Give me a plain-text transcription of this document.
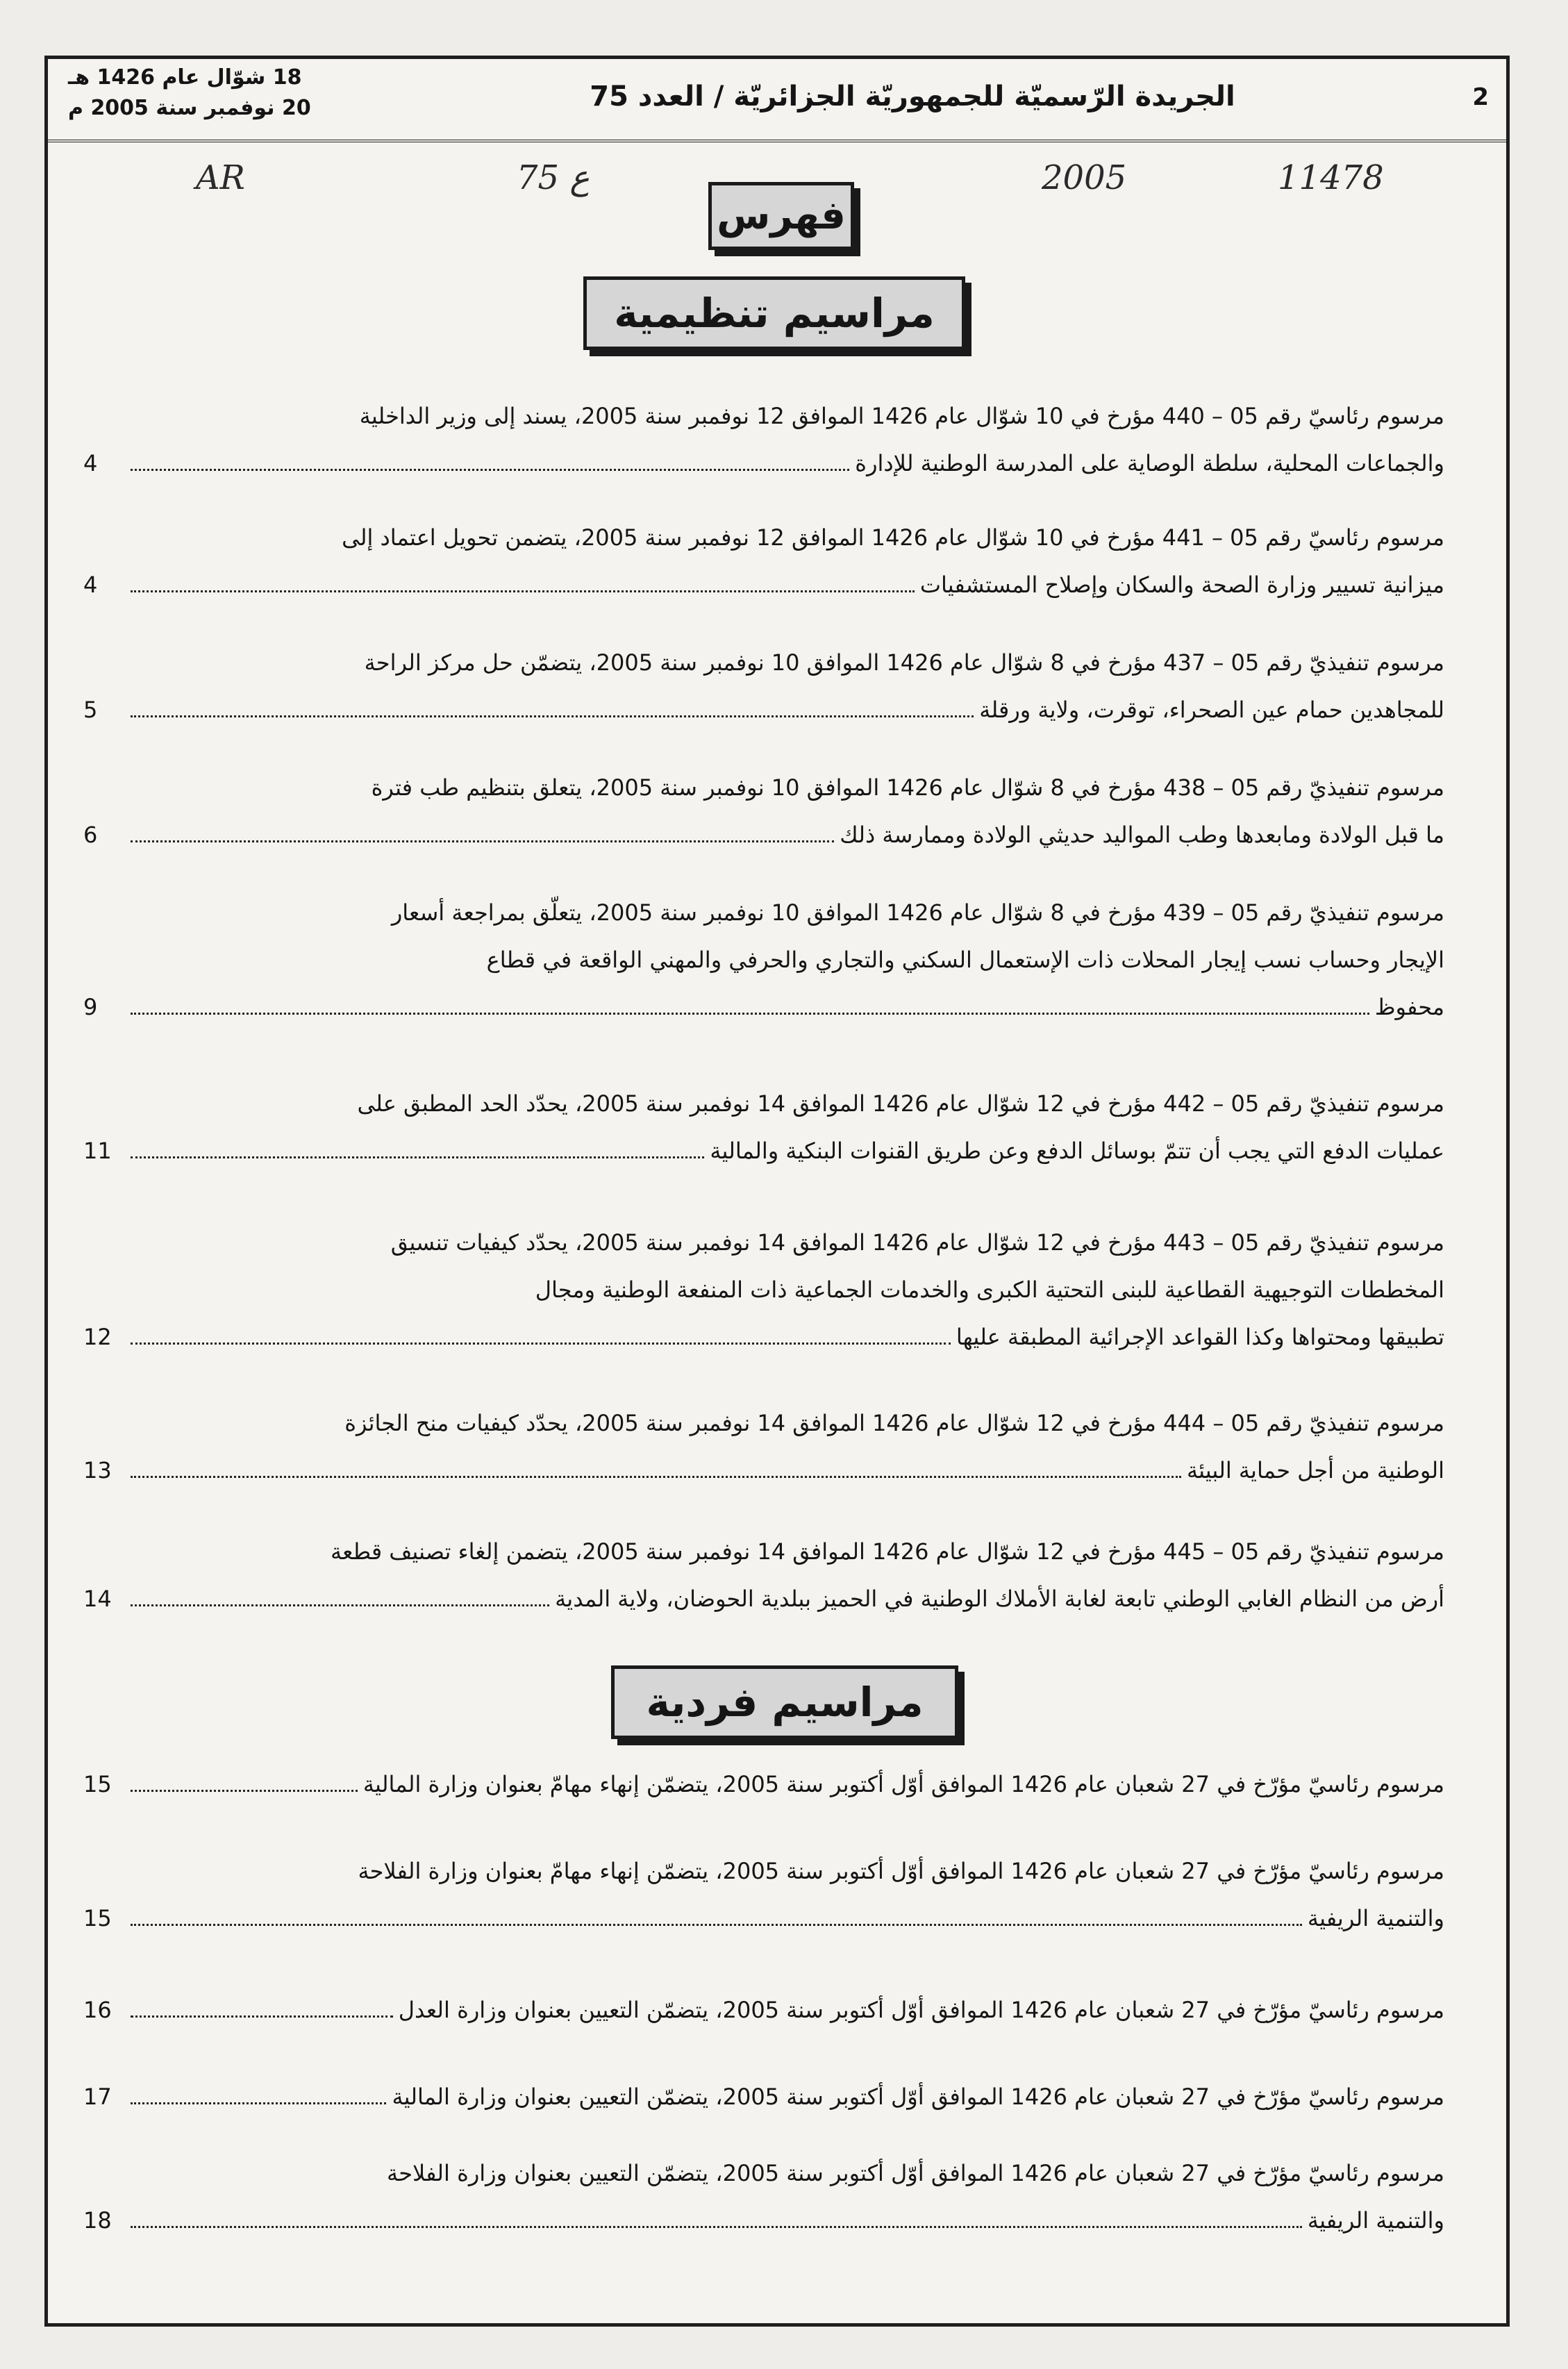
2
الجريدة الرّسميّة للجمهوريّة الجزائريّة / العدد 75
18 شوّال عام 1426 هـ
20 نوفمبر سنة 2005 م
AR	75 ع	2005	11478
فهرس
مراسيم تنظيمية
مراسيم فردية
مرسوم رئاسيّ رقم 05 – 440 مؤرخ في 10 شوّال عام 1426 الموافق 12 نوفمبر سنة 2005، يسند إلى وزير الداخلية
والجماعات المحلية، سلطة الوصاية على المدرسة الوطنية للإدارة
4
مرسوم رئاسيّ رقم 05 – 441 مؤرخ في 10 شوّال عام 1426 الموافق 12 نوفمبر سنة 2005، يتضمن تحويل اعتماد إلى
ميزانية تسيير وزارة الصحة والسكان وإصلاح المستشفيات
4
مرسوم تنفيذيّ رقم 05 – 437 مؤرخ في 8 شوّال عام 1426 الموافق 10 نوفمبر سنة 2005، يتضمّن حل مركز الراحة
للمجاهدين حمام عين الصحراء، توقرت، ولاية ورقلة
5
مرسوم تنفيذيّ رقم 05 – 438 مؤرخ في 8 شوّال عام 1426 الموافق 10 نوفمبر سنة 2005، يتعلق بتنظيم طب فترة
ما قبل الولادة ومابعدها وطب المواليد حديثي الولادة وممارسة ذلك
6
مرسوم تنفيذيّ رقم 05 – 439 مؤرخ في 8 شوّال عام 1426 الموافق 10 نوفمبر سنة 2005، يتعلّق بمراجعة أسعار
الإيجار وحساب نسب إيجار المحلات ذات الإستعمال السكني والتجاري والحرفي والمهني الواقعة في قطاع
محفوظ
9
مرسوم تنفيذيّ رقم 05 – 442 مؤرخ في 12 شوّال عام 1426 الموافق 14 نوفمبر سنة 2005، يحدّد الحد المطبق على
عمليات الدفع التي يجب أن تتمّ بوسائل الدفع وعن طريق القنوات البنكية والمالية
11
مرسوم تنفيذيّ رقم 05 – 443 مؤرخ في 12 شوّال عام 1426 الموافق 14 نوفمبر سنة 2005، يحدّد كيفيات تنسيق
المخططات التوجيهية القطاعية للبنى التحتية الكبرى والخدمات الجماعية ذات المنفعة الوطنية ومجال
تطبيقها ومحتواها وكذا القواعد الإجرائية المطبقة عليها
12
مرسوم تنفيذيّ رقم 05 – 444 مؤرخ في 12 شوّال عام 1426 الموافق 14 نوفمبر سنة 2005، يحدّد كيفيات منح الجائزة
الوطنية من أجل حماية البيئة
13
مرسوم تنفيذيّ رقم 05 – 445 مؤرخ في 12 شوّال عام 1426 الموافق 14 نوفمبر سنة 2005، يتضمن إلغاء تصنيف قطعة
أرض من النظام الغابي الوطني تابعة لغابة الأملاك الوطنية في الحميز ببلدية الحوضان، ولاية المدية
14
مرسوم رئاسيّ مؤرّخ في 27 شعبان عام 1426 الموافق أوّل أكتوبر سنة 2005، يتضمّن إنهاء مهامّ بعنوان وزارة المالية
15
مرسوم رئاسيّ مؤرّخ في 27 شعبان عام 1426 الموافق أوّل أكتوبر سنة 2005، يتضمّن إنهاء مهامّ بعنوان وزارة الفلاحة
والتنمية الريفية
15
مرسوم رئاسيّ مؤرّخ في 27 شعبان عام 1426 الموافق أوّل أكتوبر سنة 2005، يتضمّن التعيين بعنوان وزارة العدل
16
مرسوم رئاسيّ مؤرّخ في 27 شعبان عام 1426 الموافق أوّل أكتوبر سنة 2005، يتضمّن التعيين بعنوان وزارة المالية
17
مرسوم رئاسيّ مؤرّخ في 27 شعبان عام 1426 الموافق أوّل أكتوبر سنة 2005، يتضمّن التعيين بعنوان وزارة الفلاحة
والتنمية الريفية
18
